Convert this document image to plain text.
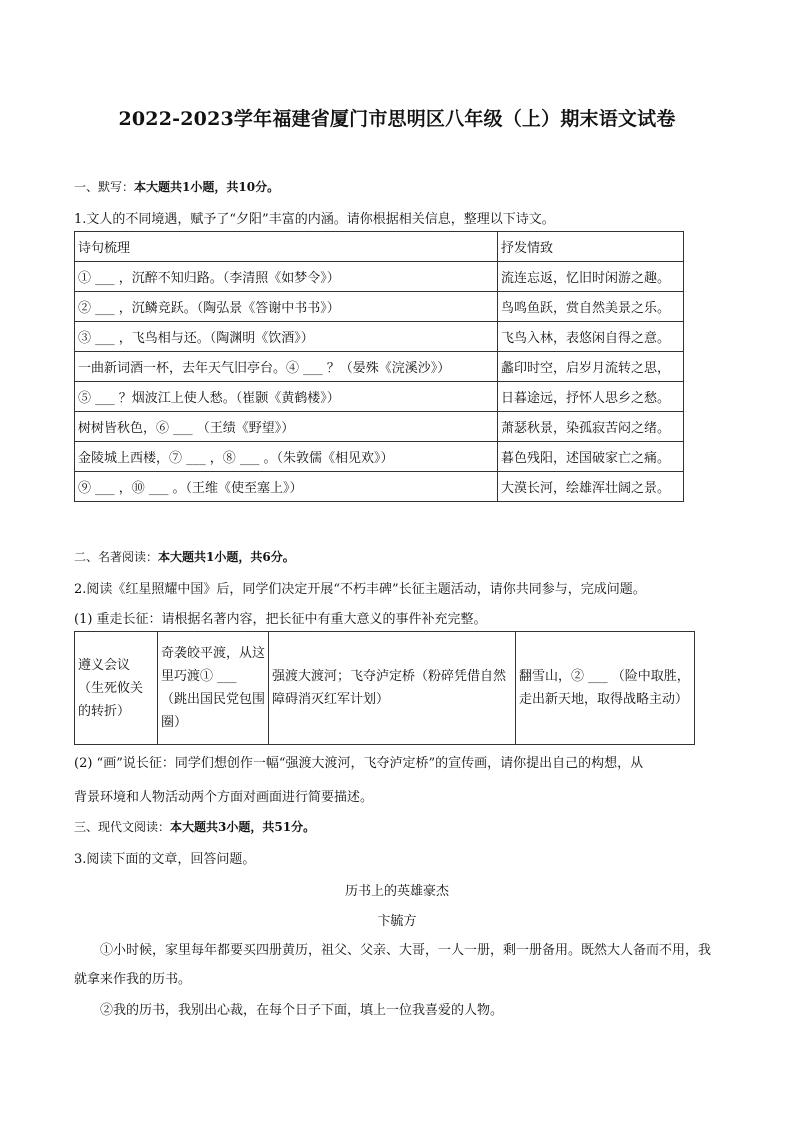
2022-2023学年福建省厦门市思明区八年级（上）期末语文试卷
一、默写：本大题共1小题，共10分。
1.文人的不同境遇，赋予了“夕阳”丰富的内涵。请你根据相关信息，整理以下诗文。
诗句梳理	抒发情致
① ___ ，沉醉不知归路。（李清照《如梦令》）	流连忘返，忆旧时闲游之趣。
② ___ ，沉鳞竞跃。（陶弘景《答谢中书书》）	鸟鸣鱼跃，赏自然美景之乐。
③ ___ ，飞鸟相与还。（陶渊明《饮酒》）	飞鸟入林，表悠闲自得之意。
一曲新词酒一杯，去年天气旧亭台。④ ___ ？（晏殊《浣溪沙》）	蠡印时空，启岁月流转之思，
⑤ ___ ？烟波江上使人愁。（崔颢《黄鹤楼》）	日暮途远，抒怀人思乡之愁。
树树皆秋色，⑥ ___ （王绩《野望》）	萧瑟秋景，染孤寂苦闷之绪。
金陵城上西楼，⑦ ___ ，⑧ ___ 。（朱敦儒《相见欢》）	暮色残阳，述国破家亡之痛。
⑨ ___ ，⑩ ___ 。（王维《使至塞上》）	大漠长河，绘雄浑壮阔之景。
二、名著阅读：本大题共1小题，共6分。
2.阅读《红星照耀中国》后，同学们决定开展“不朽丰碑”长征主题活动，请你共同参与，完成问题。
(1) 重走长征：请根据名著内容，把长征中有重大意义的事件补充完整。
遵义会议（生死攸关的转折）	奇袭皎平渡，从这里巧渡① ___ （跳出国民党包围圈）	强渡大渡河；飞夺泸定桥（粉碎凭借自然障碍消灭红军计划）	翻雪山，② ___ （险中取胜，走出新天地，取得战略主动）
(2) “画”说长征：同学们想创作一幅“强渡大渡河，飞夺泸定桥”的宣传画，请你提出自己的构想，从
背景环境和人物活动两个方面对画面进行简要描述。
三、现代文阅读：本大题共3小题，共51分。
3.阅读下面的文章，回答问题。
历书上的英雄豪杰
卞毓方
①小时候，家里每年都要买四册黄历，祖父、父亲、大哥，一人一册，剩一册备用。既然大人备而不用，我就拿来作我的历书。
②我的历书，我别出心裁，在每个日子下面，填上一位我喜爱的人物。
